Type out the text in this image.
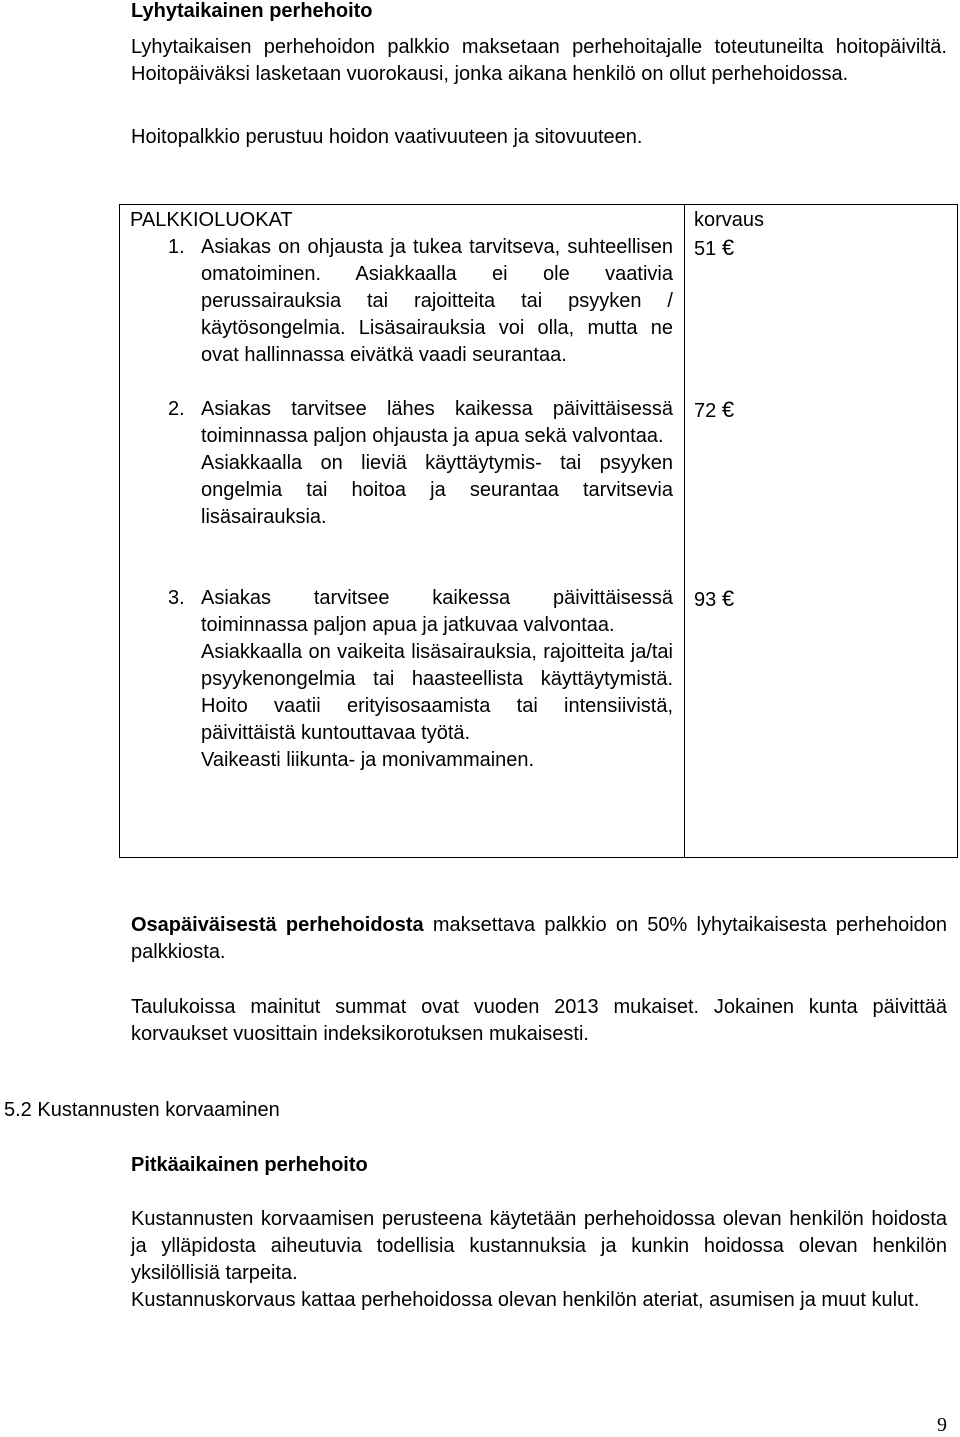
Lyhytaikainen perhehoito
Lyhytaikaisen perhehoidon palkkio maksetaan perhehoitajalle toteutuneilta hoitopäiviltä. Hoitopäiväksi lasketaan vuorokausi, jonka aikana henkilö on ollut perhehoidossa.
Hoitopalkkio perustuu hoidon vaativuuteen ja sitovuuteen.
PALKKIOLUOKAT	korvaus
1. Asiakas on ohjausta ja tukea tarvitseva, suhteellisen omatoiminen. Asiakkaalla ei ole vaativia perussairauksia tai rajoitteita tai psyyken / käytösongelmia. Lisäsairauksia voi olla, mutta ne ovat hallinnassa eivätkä vaadi seurantaa.
51 €
2. Asiakas tarvitsee lähes kaikessa päivittäisessä toiminnassa paljon ohjausta ja apua sekä valvontaa.
Asiakkaalla on lieviä käyttäytymis- tai psyyken ongelmia tai hoitoa ja seurantaa tarvitsevia lisäsairauksia.
72 €
3. Asiakas tarvitsee kaikessa päivittäisessä toiminnassa paljon apua ja jatkuvaa valvontaa.
Asiakkaalla on vaikeita lisäsairauksia, rajoitteita ja/tai psyykenongelmia tai haasteellista käyttäytymistä. Hoito vaatii erityisosaamista tai intensiivistä, päivittäistä kuntouttavaa työtä.
Vaikeasti liikunta- ja monivammainen.
93 €
Osapäiväisestä perhehoidosta maksettava palkkio on 50% lyhytaikaisesta perhehoidon palkkiosta.
Taulukoissa mainitut summat ovat vuoden 2013 mukaiset. Jokainen kunta päivittää korvaukset vuosittain indeksikorotuksen mukaisesti.
5.2 Kustannusten korvaaminen
Pitkäaikainen perhehoito
Kustannusten korvaamisen perusteena käytetään perhehoidossa olevan henkilön hoidosta ja ylläpidosta aiheutuvia todellisia kustannuksia ja kunkin hoidossa olevan henkilön yksilöllisiä tarpeita.
Kustannuskorvaus kattaa perhehoidossa olevan henkilön ateriat, asumisen ja muut kulut.
9
